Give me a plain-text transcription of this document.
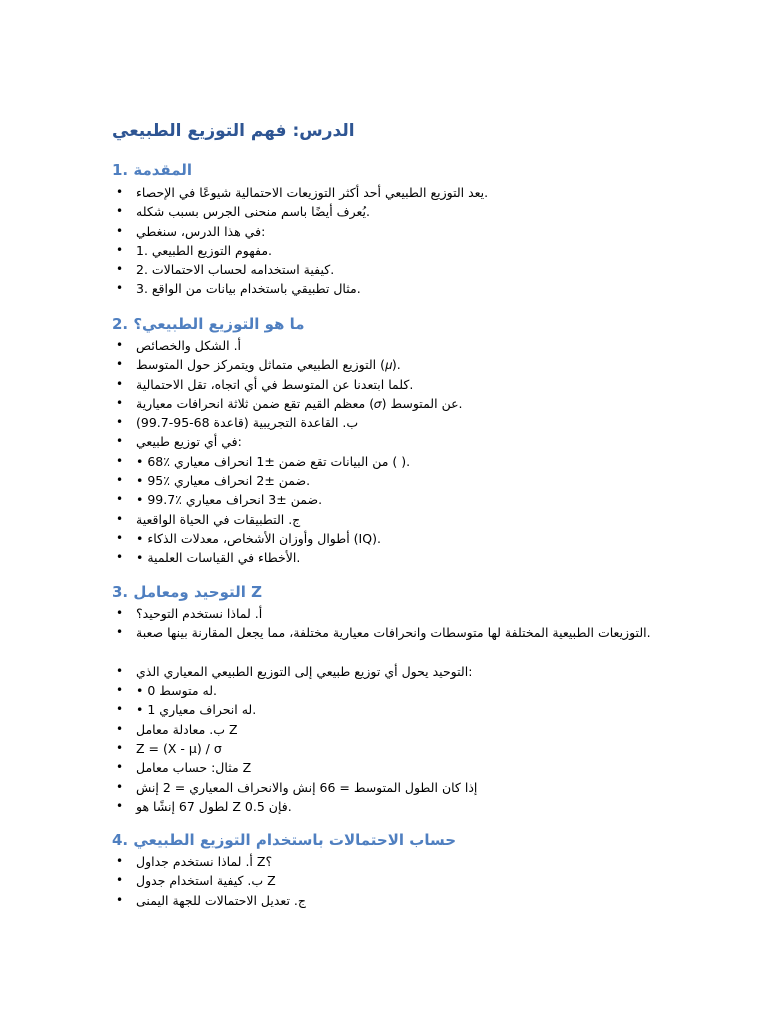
الدرس: فهم التوزيع الطبيعي
1. المقدمة
• يعد التوزيع الطبيعي أحد أكثر التوزيعات الاحتمالية شيوعًا في الإحصاء.
• يُعرف أيضًا باسم منحنى الجرس بسبب شكله.
• في هذا الدرس، سنغطي:
• 1. مفهوم التوزيع الطبيعي.
• 2. كيفية استخدامه لحساب الاحتمالات.
• 3. مثال تطبيقي باستخدام بيانات من الواقع.
2. ما هو التوزيع الطبيعي؟
• أ. الشكل والخصائص
• التوزيع الطبيعي متماثل ويتمركز حول المتوسط (𝜇).
• كلما ابتعدنا عن المتوسط في أي اتجاه، تقل الاحتمالية.
• معظم القيم تقع ضمن ثلاثة انحرافات معيارية (𝜎) عن المتوسط.
• ب. القاعدة التجريبية (قاعدة 68-95-99.7)
• في أي توزيع طبيعي:
• • 68٪ من البيانات تقع ضمن ±1 انحراف معياري ( ).
• • 95٪ ضمن ±2 انحراف معياري.
• • 99.7٪ ضمن ±3 انحراف معياري.
• ج. التطبيقات في الحياة الواقعية
• • أطوال وأوزان الأشخاص، معدلات الذكاء (IQ).
• • الأخطاء في القياسات العلمية.
3. التوحيد ومعامل Z
• أ. لماذا نستخدم التوحيد؟
• التوزيعات الطبيعية المختلفة لها متوسطات وانحرافات معيارية مختلفة، مما يجعل المقارنة بينها صعبة.
• التوحيد يحول أي توزيع طبيعي إلى التوزيع الطبيعي المعياري الذي:
• • له متوسط 0.
• • له انحراف معياري 1.
• ب. معادلة معامل Z
• Z = (X - μ) / σ
• مثال: حساب معامل Z
• إذا كان الطول المتوسط = 66 إنش والانحراف المعياري = 2 إنش
• لطول 67 إنشًا هو Z 0.5 فإن.
4. حساب الاحتمالات باستخدام التوزيع الطبيعي
• أ. لماذا نستخدم جداول Z؟
• ب. كيفية استخدام جدول Z
• ج. تعديل الاحتمالات للجهة اليمنى
